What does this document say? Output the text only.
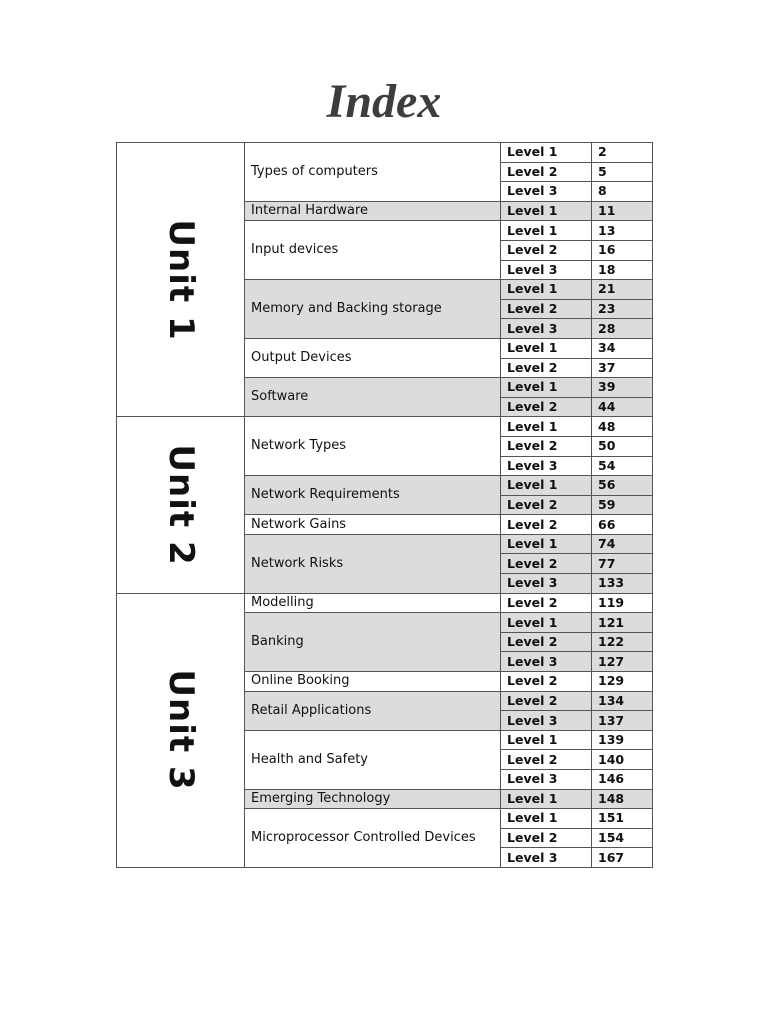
Index
Unit 1	Types of computers	Level 1	2
		Level 2	5
		Level 3	8
	Internal Hardware	Level 1	11
	Input devices	Level 1	13
		Level 2	16
		Level 3	18
	Memory and Backing storage	Level 1	21
		Level 2	23
		Level 3	28
	Output Devices	Level 1	34
		Level 2	37
	Software	Level 1	39
		Level 2	44

Unit 2	Network Types	Level 1	48
		Level 2	50
		Level 3	54
	Network Requirements	Level 1	56
		Level 2	59
	Network Gains	Level 2	66
	Network Risks	Level 1	74
		Level 2	77
		Level 3	133

Unit 3	Modelling	Level 2	119
	Banking	Level 1	121
		Level 2	122
		Level 3	127
	Online Booking	Level 2	129
	Retail Applications	Level 2	134
		Level 3	137
	Health and Safety	Level 1	139
		Level 2	140
		Level 3	146
	Emerging Technology	Level 1	148
	Microprocessor Controlled Devices	Level 1	151
		Level 2	154
		Level 3	167
